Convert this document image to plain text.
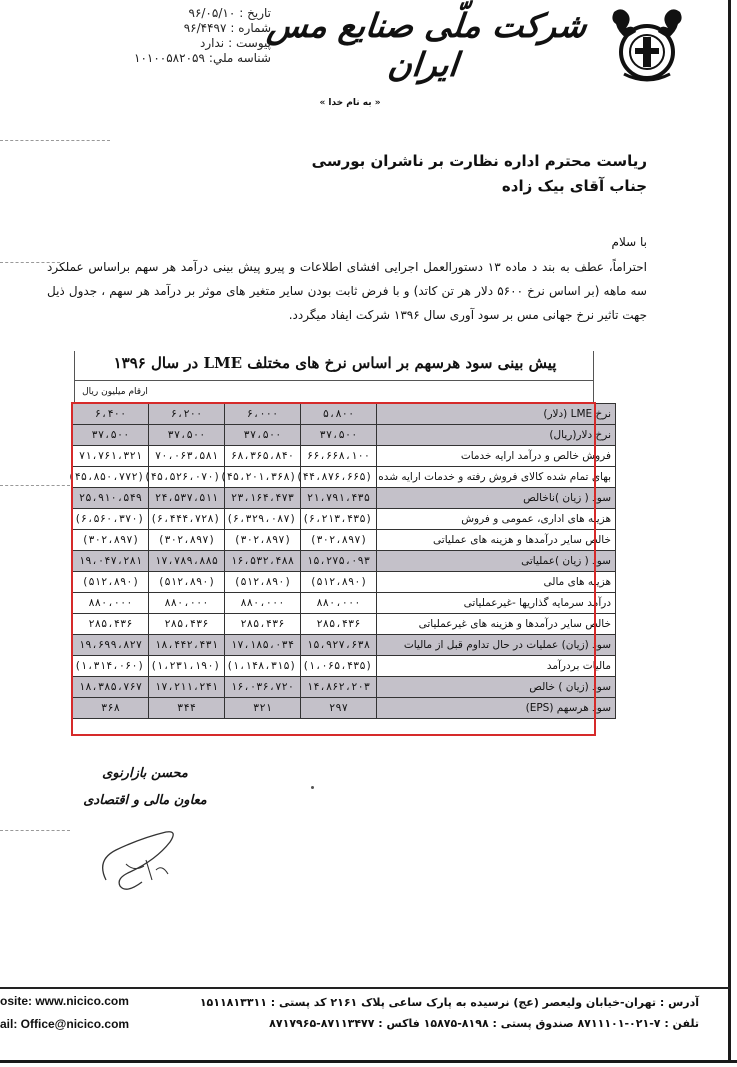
شرکت ملّی صنایع مس ایران
تاریخ :
۹۶/۰۵/۱۰
شماره :
۹۶/۴۴۹۷
پیوست :
ندارد
شناسه ملي:
۱۰۱۰۰۵۸۲۰۵۹
« به نام خدا »
ریاست محترم اداره نظارت بر ناشران بورسی
جناب آقای بیک زاده
با سلام
احتراماً، عطف به بند د ماده ۱۳ دستورالعمل اجرایی افشای اطلاعات و پیرو پیش بینی درآمد هر سهم براساس عملکرد سه ماهه (بر اساس نرخ ۵۶۰۰ دلار هر تن کاتد) و با فرض ثابت بودن سایر متغیر های موثر بر درآمد هر سهم ، جدول ذیل جهت تاثیر نرخ جهانی مس بر سود آوری سال ۱۳۹۶ شرکت ایفاد میگردد.
پیش بینی سود هرسهم بر اساس نرخ های مختلف LME در سال ۱۳۹۶
ارقام میلیون ریال
نرخ LME (دلار)	۵،۸۰۰	۶،۰۰۰	۶،۲۰۰	۶،۴۰۰
نرخ دلار(ریال)	۳۷،۵۰۰	۳۷،۵۰۰	۳۷،۵۰۰	۳۷،۵۰۰
فروش خالص و درآمد ارایه خدمات	۶۶،۶۶۸،۱۰۰	۶۸،۳۶۵،۸۴۰	۷۰،۰۶۳،۵۸۱	۷۱،۷۶۱،۳۲۱
بهای تمام شده کالای فروش رفته و خدمات ارایه شده	(۴۴،۸۷۶،۶۶۵)	(۴۵،۲۰۱،۳۶۸)	(۴۵،۵۲۶،۰۷۰)	(۴۵،۸۵۰،۷۷۲)
سود ( زیان )ناخالص	۲۱،۷۹۱،۴۳۵	۲۳،۱۶۴،۴۷۳	۲۴،۵۳۷،۵۱۱	۲۵،۹۱۰،۵۴۹
هزینه های اداری، عمومی و فروش	(۶،۲۱۳،۴۳۵)	(۶،۳۲۹،۰۸۷)	(۶،۴۴۴،۷۲۸)	(۶،۵۶۰،۳۷۰)
خالص سایر درآمدها و هزینه های عملیاتی	(۳۰۲،۸۹۷)	(۳۰۲،۸۹۷)	(۳۰۲،۸۹۷)	(۳۰۲،۸۹۷)
سود ( زیان )عملیاتی	۱۵،۲۷۵،۰۹۳	۱۶،۵۳۲،۴۸۸	۱۷،۷۸۹،۸۸۵	۱۹،۰۴۷،۲۸۱
هزینه های مالی	(۵۱۲،۸۹۰)	(۵۱۲،۸۹۰)	(۵۱۲،۸۹۰)	(۵۱۲،۸۹۰)
درآمد سرمایه گذاریها -غیرعملیاتی	۸۸۰،۰۰۰	۸۸۰،۰۰۰	۸۸۰،۰۰۰	۸۸۰،۰۰۰
خالص سایر درآمدها و هزینه های غیرعملیاتی	۲۸۵،۴۳۶	۲۸۵،۴۳۶	۲۸۵،۴۳۶	۲۸۵،۴۳۶
سود (زیان) عملیات در حال تداوم قبل از مالیات	۱۵،۹۲۷،۶۳۸	۱۷،۱۸۵،۰۳۴	۱۸،۴۴۲،۴۳۱	۱۹،۶۹۹،۸۲۷
مالیات بردرآمد	(۱،۰۶۵،۴۳۵)	(۱،۱۴۸،۳۱۵)	(۱،۲۳۱،۱۹۰)	(۱،۳۱۴،۰۶۰)
سود (زیان ) خالص	۱۴،۸۶۲،۲۰۳	۱۶،۰۳۶،۷۲۰	۱۷،۲۱۱،۲۴۱	۱۸،۳۸۵،۷۶۷
سود هرسهم (EPS)	۲۹۷	۳۲۱	۳۴۴	۳۶۸
محسن بازارنوی
معاون مالی و اقتصادی
osite: www.nicico.com
ail: Office@nicico.com
آدرس : تهران-خیابان ولیعصر (عج) نرسیده به پارک ساعی پلاک ۲۱۶۱ کد پستی : ۱۵۱۱۸۱۳۳۱۱
تلفن : ۷-۰۲۱-۸۷۱۱۱۰۱ صندوق پستی : ۸۱۹۸-۱۵۸۷۵ فاکس : ۸۷۱۱۳۴۷۷-۸۷۱۷۹۶۵
